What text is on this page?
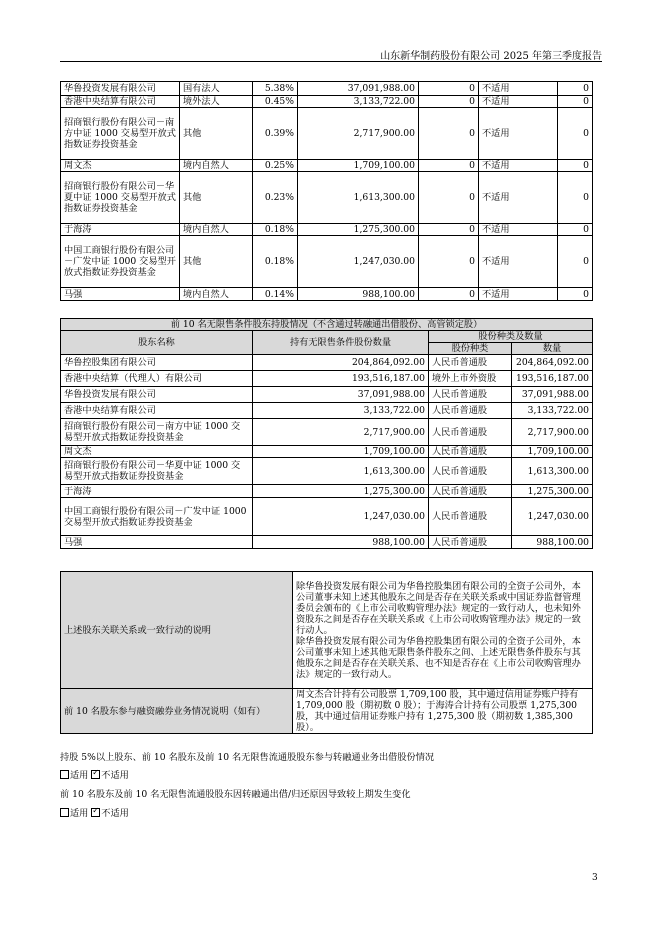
山东新华制药股份有限公司 2025 年第三季度报告
华鲁投资发展有限公司	国有法人	5.38%	37,091,988.00	0	不适用	0
香港中央结算有限公司	境外法人	0.45%	3,133,722.00	0	不适用	0
招商银行股份有限公司－南方中证 1000 交易型开放式指数证券投资基金	其他	0.39%	2,717,900.00	0	不适用	0
周文杰	境内自然人	0.25%	1,709,100.00	0	不适用	0
招商银行股份有限公司－华夏中证 1000 交易型开放式指数证券投资基金	其他	0.23%	1,613,300.00	0	不适用	0
于海涛	境内自然人	0.18%	1,275,300.00	0	不适用	0
中国工商银行股份有限公司－广发中证 1000 交易型开放式指数证券投资基金	其他	0.18%	1,247,030.00	0	不适用	0
马强	境内自然人	0.14%	988,100.00	0	不适用	0
前 10 名无限售条件股东持股情况（不含通过转融通出借股份、高管锁定股）			
股东名称	持有无限售条件股份数量	股份种类及数量	
		股份种类	数量
华鲁控股集团有限公司	204,864,092.00	人民币普通股	204,864,092.00
香港中央结算（代理人）有限公司	193,516,187.00	境外上市外资股	193,516,187.00
华鲁投资发展有限公司	37,091,988.00	人民币普通股	37,091,988.00
香港中央结算有限公司	3,133,722.00	人民币普通股	3,133,722.00
招商银行股份有限公司－南方中证 1000 交易型开放式指数证券投资基金	2,717,900.00	人民币普通股	2,717,900.00
周文杰	1,709,100.00	人民币普通股	1,709,100.00
招商银行股份有限公司－华夏中证 1000 交易型开放式指数证券投资基金	1,613,300.00	人民币普通股	1,613,300.00
于海涛	1,275,300.00	人民币普通股	1,275,300.00
中国工商银行股份有限公司－广发中证 1000 交易型开放式指数证券投资基金	1,247,030.00	人民币普通股	1,247,030.00
马强	988,100.00	人民币普通股	988,100.00
上述股东关联关系或一致行动的说明	除华鲁投资发展有限公司为华鲁控股集团有限公司的全资子公司外，本公司董事未知上述其他股东之间是否存在关联关系或中国证券监督管理委员会颁布的《上市公司收购管理办法》规定的一致行动人，也未知外资股东之间是否存在关联关系或《上市公司收购管理办法》规定的一致行动人。
除华鲁投资发展有限公司为华鲁控股集团有限公司的全资子公司外，本公司董事未知上述其他无限售条件股东之间、上述无限售条件股东与其他股东之间是否存在关联关系、也不知是否存在《上市公司收购管理办法》规定的一致行动人。

前 10 名股东参与融资融券业务情况说明（如有）	周文杰合计持有公司股票 1,709,100 股，其中通过信用证券账户持有 1,709,000 股（期初数 0 股）；于海涛合计持有公司股票 1,275,300 股，其中通过信用证券账户持有 1,275,300 股（期初数 1,385,300 股）。
持股 5%以上股东、前 10 名股东及前 10 名无限售流通股股东参与转融通业务出借股份情况
适用 ✓ 不适用
前 10 名股东及前 10 名无限售流通股股东因转融通出借/归还原因导致较上期发生变化
适用 ✓ 不适用
3
